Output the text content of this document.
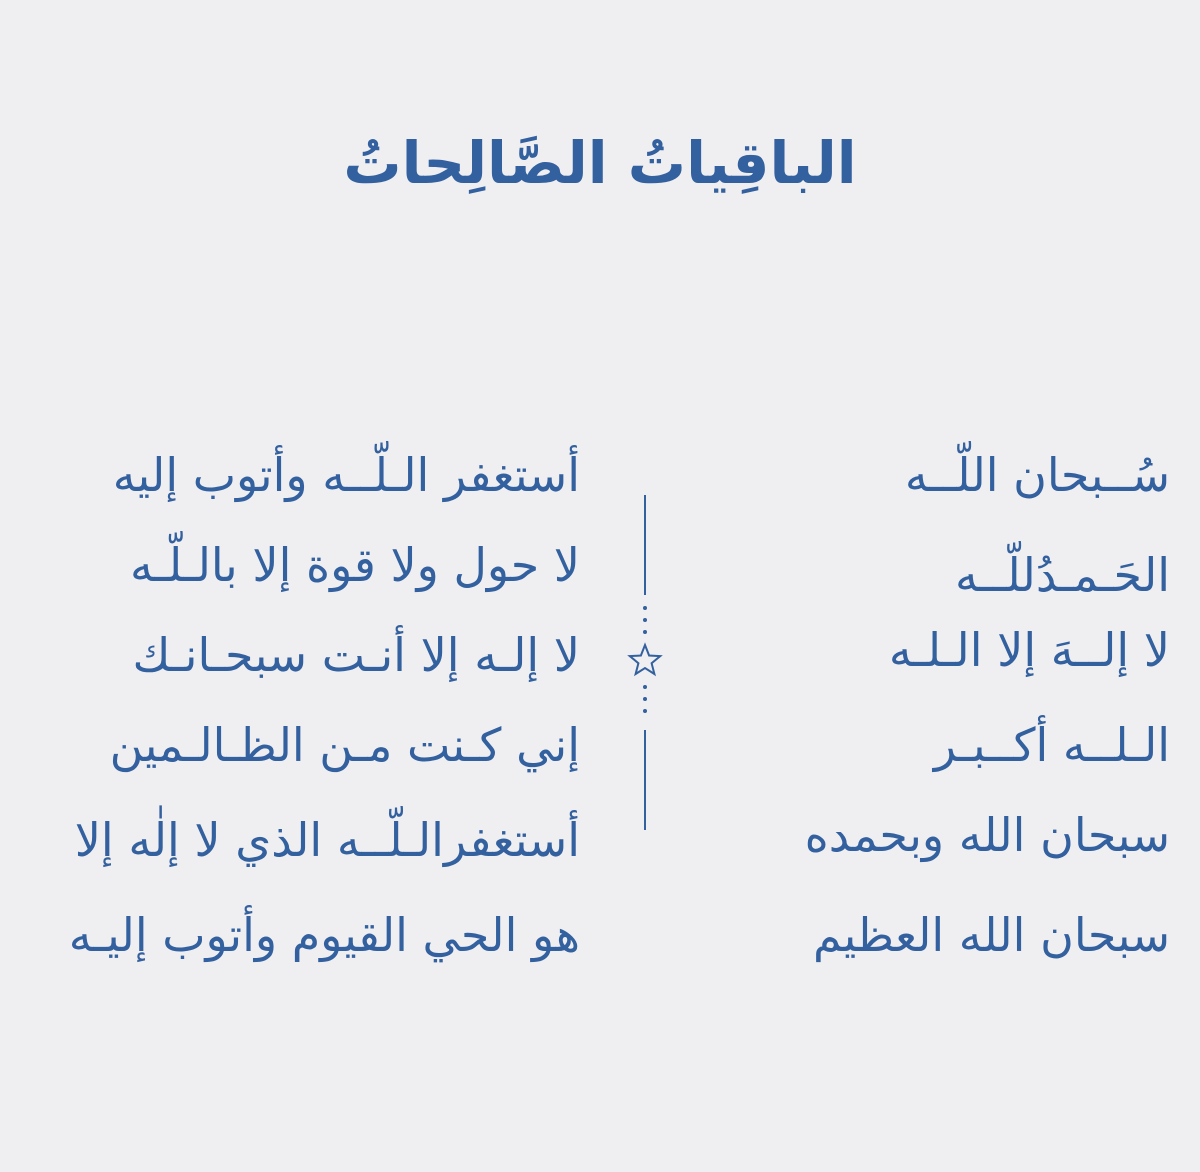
الباقِياتُ الصَّالِحاتُ
سُــبحان اللّــه
الحَـمـدُللّــه
لا إلــهَ إلا الـلـه
الـلــه أكــبـر
سبحان الله وبحمده
سبحان الله العظيم
أستغفر الـلّــه وأتوب إليه
لا حول ولا قوة إلا بالـلّـه
لا إلـه إلا أنـت سبحـانـك
إني كـنت مـن الظـالـمين
أستغفرالـلّــه الذي لا إلٰه إلا
هو الحي القيوم وأتوب إليـه
